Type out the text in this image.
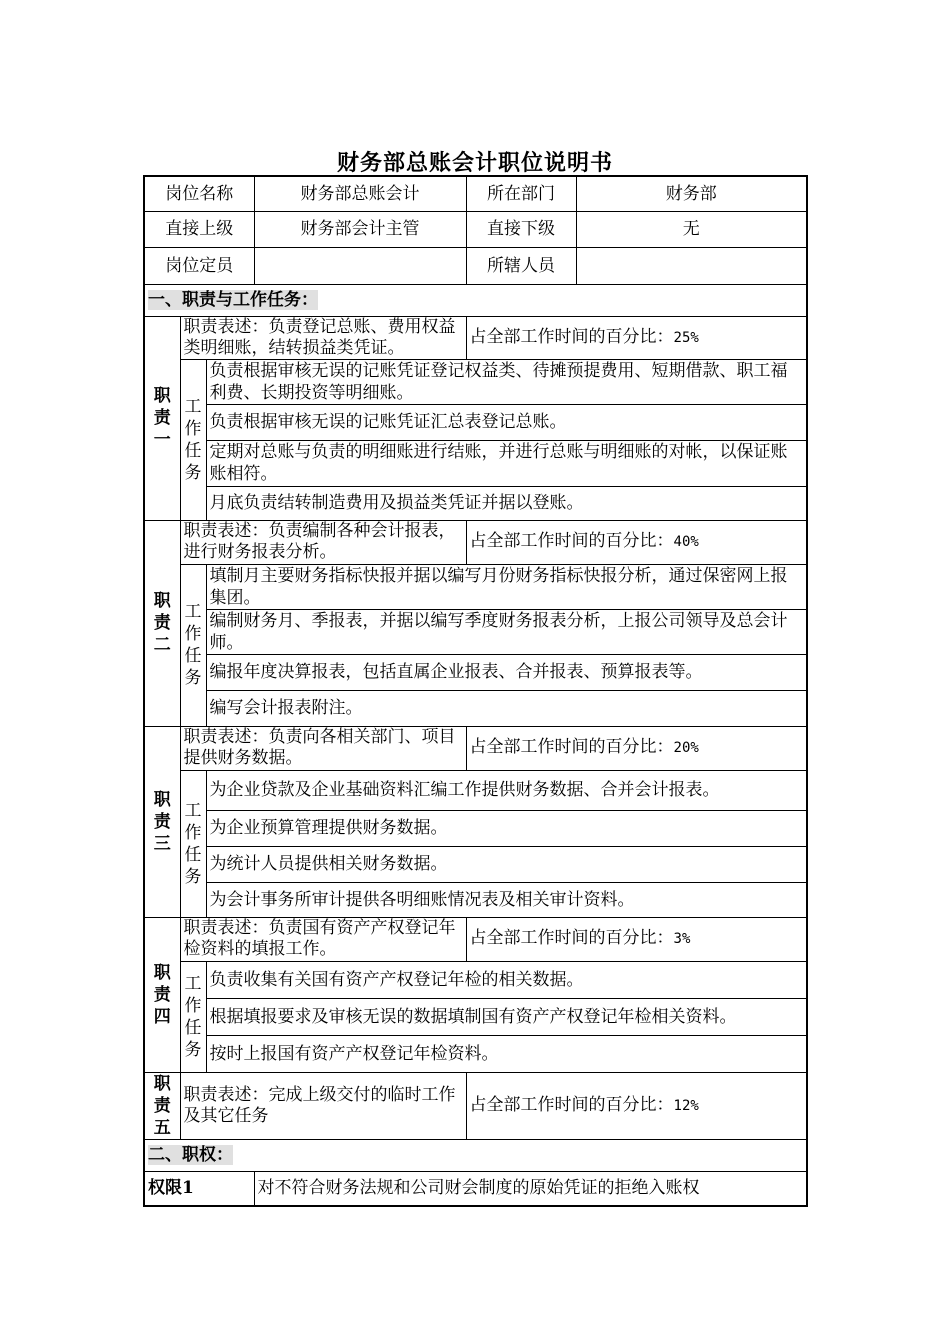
财务部总账会计职位说明书
岗位名称			财务部总账会计	所在部门	财务部
直接上级			财务部会计主管	直接下级	无
岗位定员				所辖人员	
一、职责与工作任务：					
职
责
一	职责表述：负责登记总账、费用权益类明细账，结转损益类凭证。			占全部工作时间的百分比：25%	
	工
作
任
务	负责根据审核无误的记账凭证登记权益类、待摊预提费用、短期借款、职工福利费、长期投资等明细账。			
		负责根据审核无误的记账凭证汇总表登记总账。			
		定期对总账与负责的明细账进行结账，并进行总账与明细账的对帐，以保证账账相符。			
		月底负责结转制造费用及损益类凭证并据以登账。			
职
责
二	职责表述：负责编制各种会计报表，进行财务报表分析。			占全部工作时间的百分比：40%	
	工
作
任
务	填制月主要财务指标快报并据以编写月份财务指标快报分析，通过保密网上报集团。			
		编制财务月、季报表，并据以编写季度财务报表分析，上报公司领导及总会计师。			
		编报年度决算报表，包括直属企业报表、合并报表、预算报表等。			
		编写会计报表附注。			
职
责
三	职责表述：负责向各相关部门、项目提供财务数据。			占全部工作时间的百分比：20%	
	工
作
任
务	为企业贷款及企业基础资料汇编工作提供财务数据、合并会计报表。			
		为企业预算管理提供财务数据。			
		为统计人员提供相关财务数据。			
		为会计事务所审计提供各明细账情况表及相关审计资料。			
职
责
四	职责表述：负责国有资产产权登记年检资料的填报工作。			占全部工作时间的百分比：3%	
	工
作
任
务	负责收集有关国有资产产权登记年检的相关数据。			
		根据填报要求及审核无误的数据填制国有资产产权登记年检相关资料。			
		按时上报国有资产产权登记年检资料。			
职
责
五	职责表述：完成上级交付的临时工作及其它任务			占全部工作时间的百分比：12%	
二、职权：					
权限1			对不符合财务法规和公司财会制度的原始凭证的拒绝入账权		
